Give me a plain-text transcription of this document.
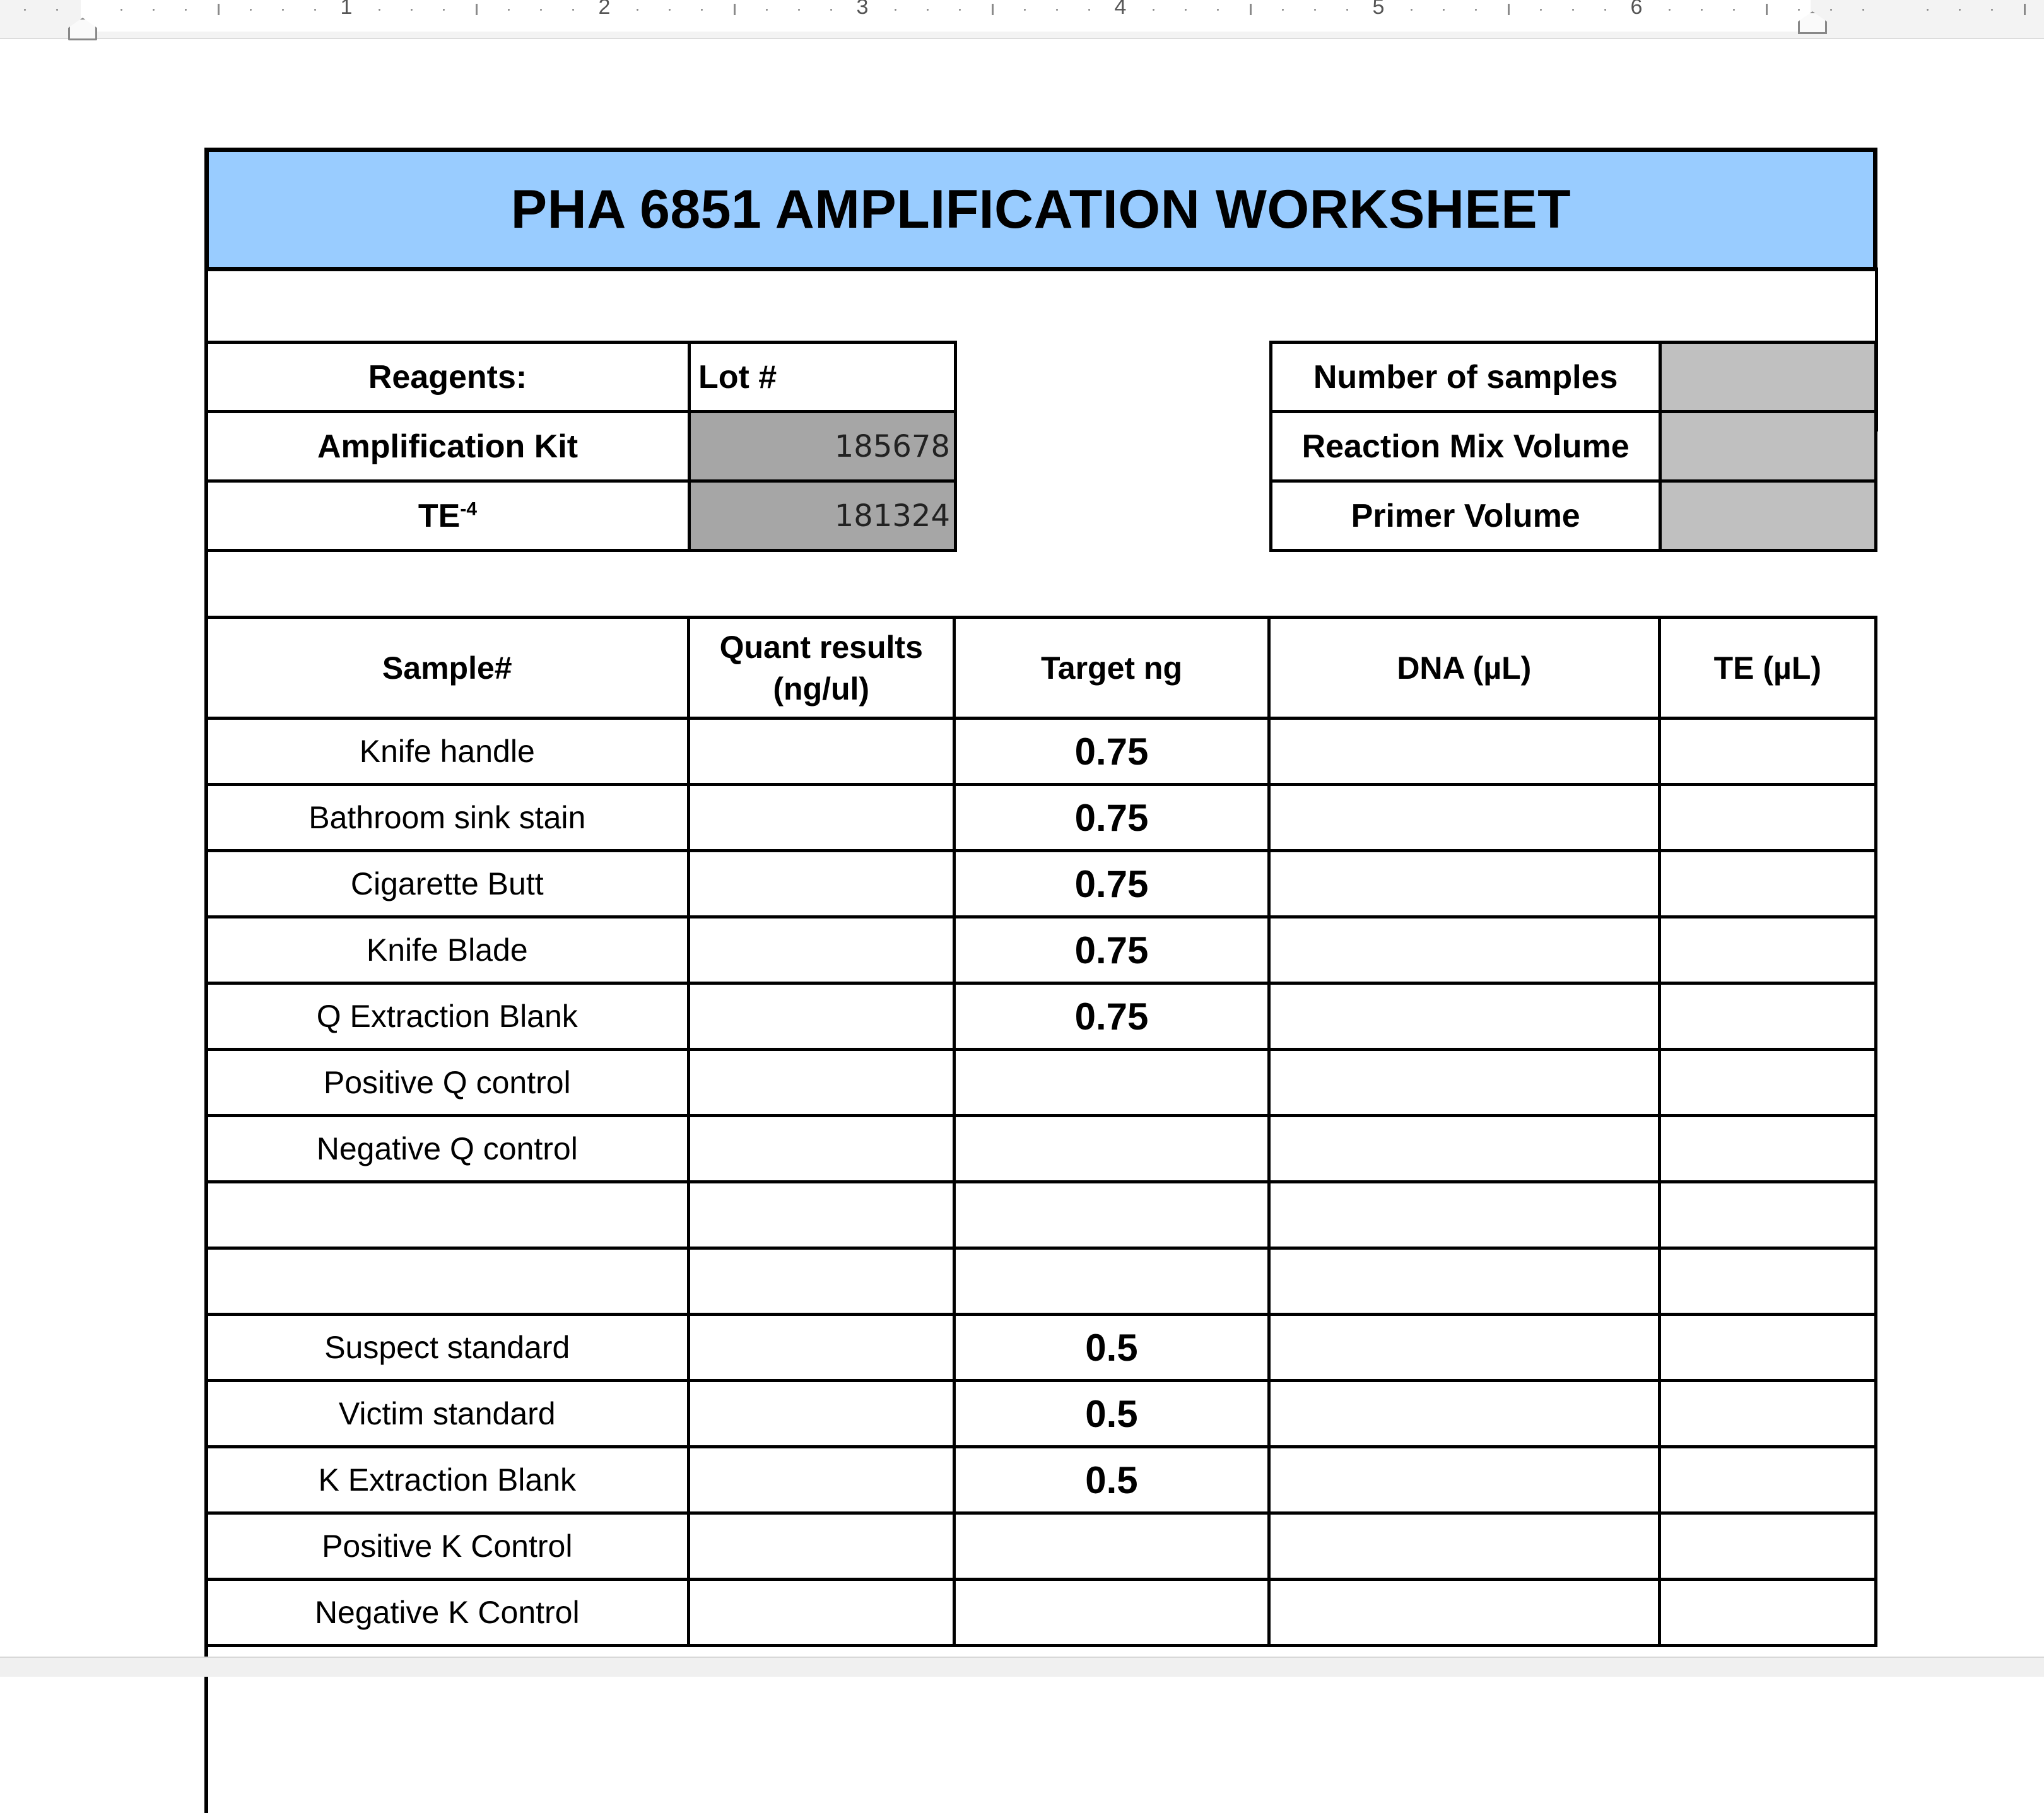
1	2	3	4	5	6
PHA 6851 AMPLIFICATION WORKSHEET
Reagents:	Lot #
Amplification Kit	185678
$TE^{-4}$	181324
Number of samples	
Reaction Mix Volume	
Primer Volume	
Sample#	Quant results (ng/ul)	Target ng	DNA (µL)	TE (µL)
Knife handle		0.75		
Bathroom sink stain		0.75		
Cigarette Butt		0.75		
Knife Blade		0.75		
Q Extraction Blank		0.75		
Positive Q control				
Negative Q control				

Suspect standard		0.5		
Victim standard		0.5		
K Extraction Blank		0.5		
Positive K Control				
Negative K Control				
